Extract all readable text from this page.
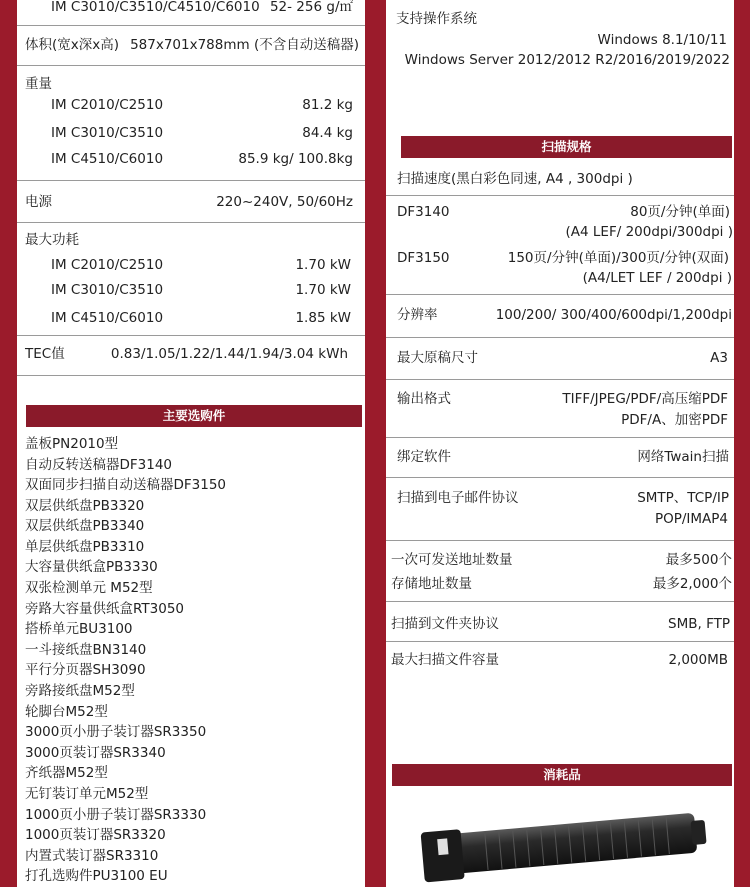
IM C3010/C3510/C4510/C6010 52- 256 g/㎡
体积(宽x深x高) 587x701x788mm (不含自动送稿器)
重量
IM C2010/C2510	81.2 kg
IM C3010/C3510	84.4 kg
IM C4510/C6010	85.9 kg/ 100.8kg
电源	220~240V, 50/60Hz
最大功耗
IM C2010/C2510	1.70 kW
IM C3010/C3510	1.70 kW
IM C4510/C6010	1.85 kW
TEC值	0.83/1.05/1.22/1.44/1.94/3.04 kWh
主要选购件
盖板PN2010型
自动反转送稿器DF3140
双面同步扫描自动送稿器DF3150
双层供纸盘PB3320
双层供纸盘PB3340
单层供纸盘PB3310
大容量供纸盒PB3330
双张检测单元 M52型
旁路大容量供纸盒RT3050
搭桥单元BU3100
一斗接纸盘BN3140
平行分页器SH3090
旁路接纸盘M52型
轮脚台M52型
3000页小册子装订器SR3350
3000页装订器SR3340
齐纸器M52型
无钉装订单元M52型
1000页小册子装订器SR3330
1000页装订器SR3320
内置式装订器SR3310
打孔选购件PU3100 EU
支持操作系统
Windows 8.1/10/11
Windows Server 2012/2012 R2/2016/2019/2022
扫描规格
扫描速度(黑白彩色同速, A4 , 300dpi )
DF3140	80页/分钟(单面)
(A4 LEF/ 200dpi/300dpi )
DF3150	150页/分钟(单面)/300页/分钟(双面)
(A4/LET LEF / 200dpi )
分辨率	100/200/ 300/400/600dpi/1,200dpi
最大原稿尺寸	A3
输出格式	TIFF/JPEG/PDF/高压缩PDF
PDF/A、加密PDF
绑定软件	网络Twain扫描
扫描到电子邮件协议	SMTP、TCP/IP
POP/IMAP4
一次可发送地址数量	最多500个
存储地址数量	最多2,000个
扫描到文件夹协议	SMB, FTP
最大扫描文件容量	2,000MB
消耗品
